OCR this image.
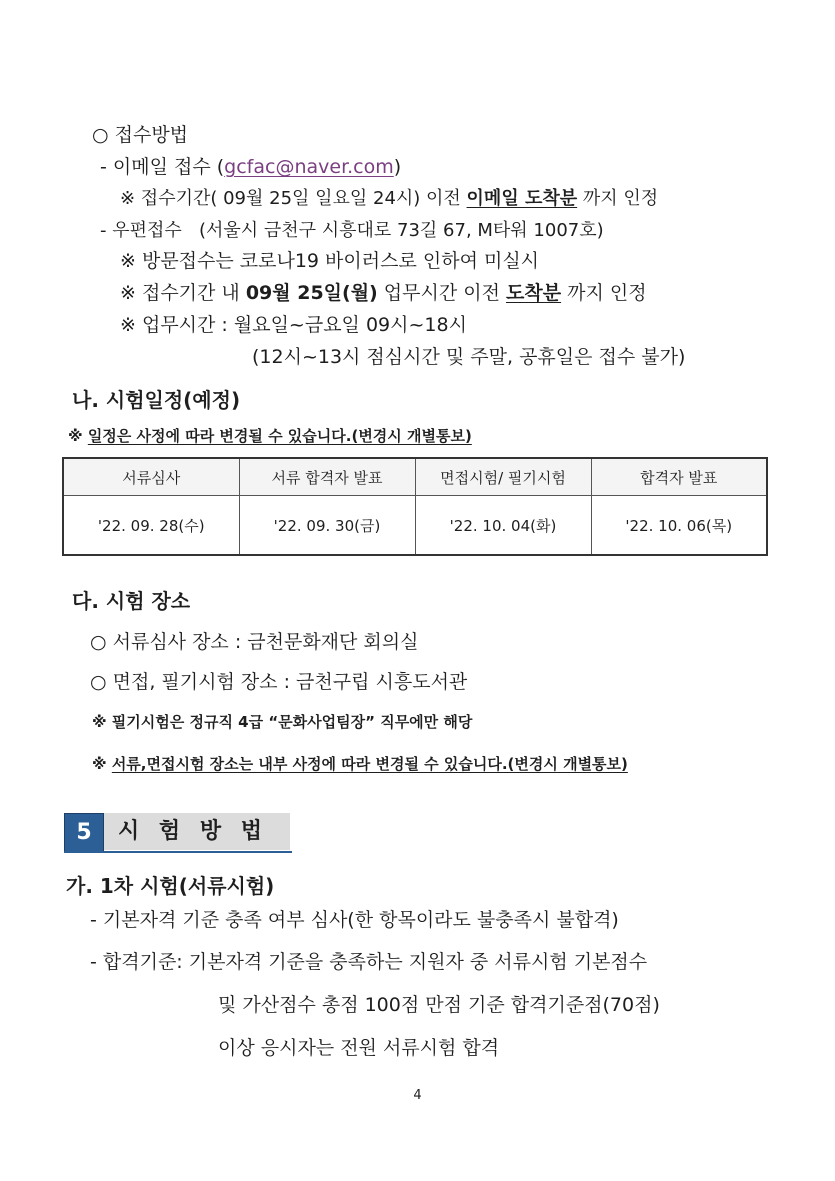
○ 접수방법
- 이메일 접수 (gcfac@naver.com)
※ 접수기간( 09월 25일 일요일 24시) 이전 이메일 도착분 까지 인정
- 우편접수 (서울시 금천구 시흥대로 73길 67, M타워 1007호)
※ 방문접수는 코로나19 바이러스로 인하여 미실시
※ 접수기간 내 09월 25일(월) 업무시간 이전 도착분 까지 인정
※ 업무시간 : 월요일~금요일 09시~18시
(12시~13시 점심시간 및 주말, 공휴일은 접수 불가)
나. 시험일정(예정)
※ 일정은 사정에 따라 변경될 수 있습니다.(변경시 개별통보)
서류심사	서류 합격자 발표	면접시험/ 필기시험	합격자 발표
'22. 09. 28(수)	'22. 09. 30(금)	'22. 10. 04(화)	'22. 10. 06(목)
다. 시험 장소
○ 서류심사 장소 : 금천문화재단 회의실
○ 면접, 필기시험 장소 : 금천구립 시흥도서관
※ 필기시험은 정규직 4급 “문화사업팀장” 직무에만 해당
※ 서류,면접시험 장소는 내부 사정에 따라 변경될 수 있습니다.(변경시 개별통보)
5	시 험 방 법
가. 1차 시험(서류시험)
- 기본자격 기준 충족 여부 심사(한 항목이라도 불충족시 불합격)
- 합격기준: 기본자격 기준을 충족하는 지원자 중 서류시험 기본점수
및 가산점수 총점 100점 만점 기준 합격기준점(70점)
이상 응시자는 전원 서류시험 합격
4
